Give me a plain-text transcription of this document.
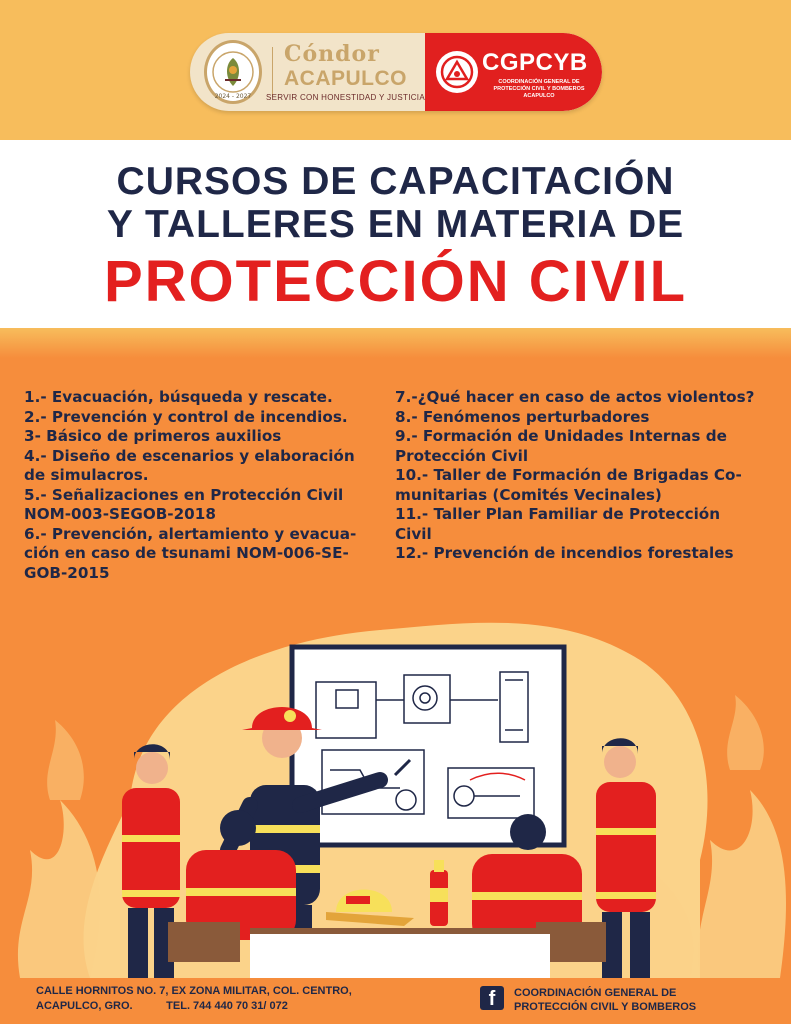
2024 - 2027
Cóndor
ACAPULCO
SERVIR CON HONESTIDAD Y JUSTICIA
CGPCYB
COORDINACIÓN GENERAL DE PROTECCIÓN CIVIL Y BOMBEROS ACAPULCO
CURSOS DE CAPACITACIÓN
Y TALLERES EN MATERIA DE
PROTECCIÓN CIVIL
1.- Evacuación, búsqueda y rescate.
2.- Prevención y control de incendios.
3- Básico de primeros auxilios
4.- Diseño de escenarios y elaboración
de simulacros.
5.- Señalizaciones en Protección Civil
NOM-003-SEGOB-2018
6.- Prevención, alertamiento y evacua-
ción en caso de tsunami NOM-006-SE-
GOB-2015
7.-¿Qué hacer en caso de actos violentos?
8.- Fenómenos perturbadores
9.- Formación de Unidades Internas de
Protección Civil
10.- Taller de Formación de Brigadas Co-
munitarias (Comités Vecinales)
11.- Taller Plan Familiar de Protección
Civil
12.- Prevención de incendios forestales
CALLE HORNITOS NO. 7, EX ZONA MILITAR, COL. CENTRO,
ACAPULCO, GRO.           TEL. 744 440 70 31/ 072	f	COORDINACIÓN GENERAL DE
PROTECCIÓN CIVIL Y BOMBEROS
